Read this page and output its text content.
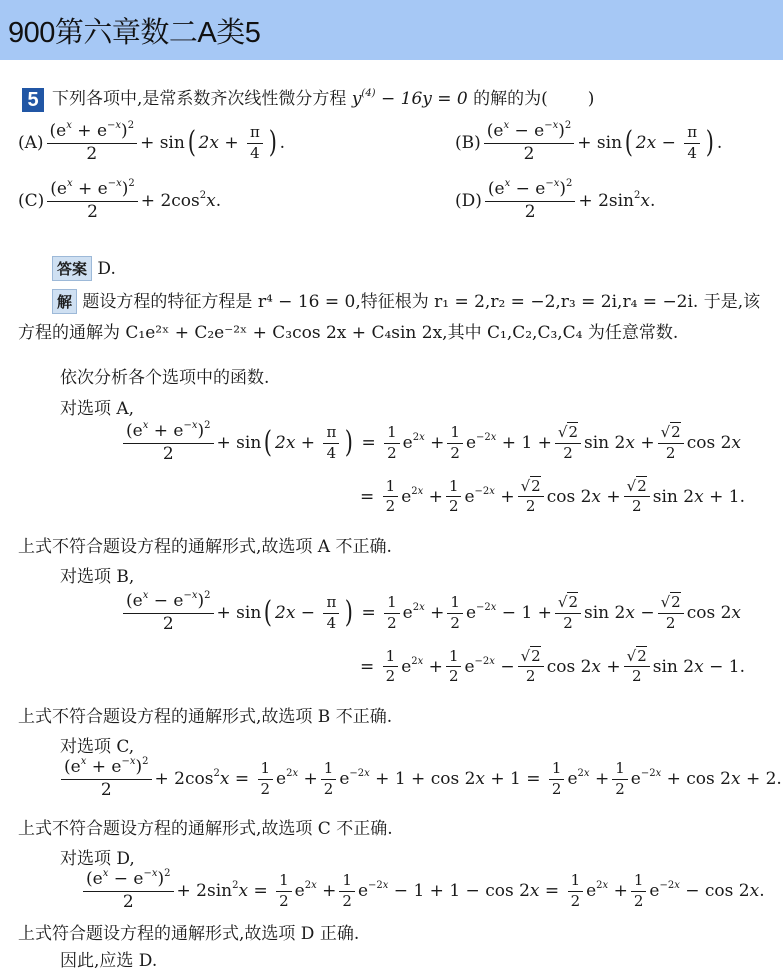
900第六章数二A类5
5 下列各项中,是常系数齐次线性微分方程 $y^{(4)} - 16y = 0$ 的解的为( )
$(A) \frac{(e^x + e^{-x})^2}{2} + \sin$ ( $2x + \frac{\pi}{4}$ ) .	$(B) \frac{(e^x - e^{-x})^2}{2} + \sin$ ( $2x - \frac{\pi}{4}$ ) .
$(C) \frac{(e^x + e^{-x})^2}{2} + 2\cos^2x$.	$(D) \frac{(e^x - e^{-x})^2}{2} + 2\sin^2x$.
答案 D.
解 题设方程的特征方程是 r⁴ − 16 = 0,特征根为 r₁ = 2,r₂ = −2,r₃ = 2i,r₄ = −2i. 于是,该
方程的通解为 C₁e²ˣ + C₂e⁻²ˣ + C₃cos 2x + C₄sin 2x,其中 C₁,C₂,C₃,C₄ 为任意常数.
依次分析各个选项中的函数.
对选项 A,
$\frac{(e^x + e^{-x})^2}{2} + \sin$ ( $2x + \frac{\pi}{4}$ ) = $\frac{1}{2} e^{2x} + \frac{1}{2} e^{-2x} + 1 + \frac{√2}{2}$ $\sin 2x + \frac{√2}{2}$ cos 2x
= $\frac{1}{2} e^{2x} + \frac{1}{2} e^{-2x} + \frac{√2}{2}$ $\cos 2x + \frac{√2}{2}$ sin 2x + 1.
上式不符合题设方程的通解形式,故选项 A 不正确.
对选项 B,
$\frac{(e^x - e^{-x})^2}{2} + \sin$ ( $2x - \frac{\pi}{4}$ ) = $\frac{1}{2} e^{2x} + \frac{1}{2} e^{-2x} - 1 + \frac{√2}{2}$ $\sin 2x - \frac{√2}{2}$ cos 2x
= $\frac{1}{2} e^{2x} + \frac{1}{2} e^{-2x} - \frac{√2}{2}$ $\cos 2x + \frac{√2}{2}$ sin 2x − 1.
上式不符合题设方程的通解形式,故选项 B 不正确.
对选项 C,
$\frac{(e^x + e^{-x})^2}{2} + 2\cos^2x = \frac{1}{2} e^{2x} + \frac{1}{2} e^{-2x} + 1 + \cos 2x + 1 = \frac{1}{2} e^{2x} + \frac{1}{2} e^{-2x} + \cos 2x + 2$.
上式不符合题设方程的通解形式,故选项 C 不正确.
对选项 D,
$\frac{(e^x - e^{-x})^2}{2} + 2\sin^2x = \frac{1}{2} e^{2x} + \frac{1}{2} e^{-2x} - 1 + 1 - \cos 2x = \frac{1}{2} e^{2x} + \frac{1}{2} e^{-2x} - \cos 2x$.
上式符合题设方程的通解形式,故选项 D 正确.
因此,应选 D.
